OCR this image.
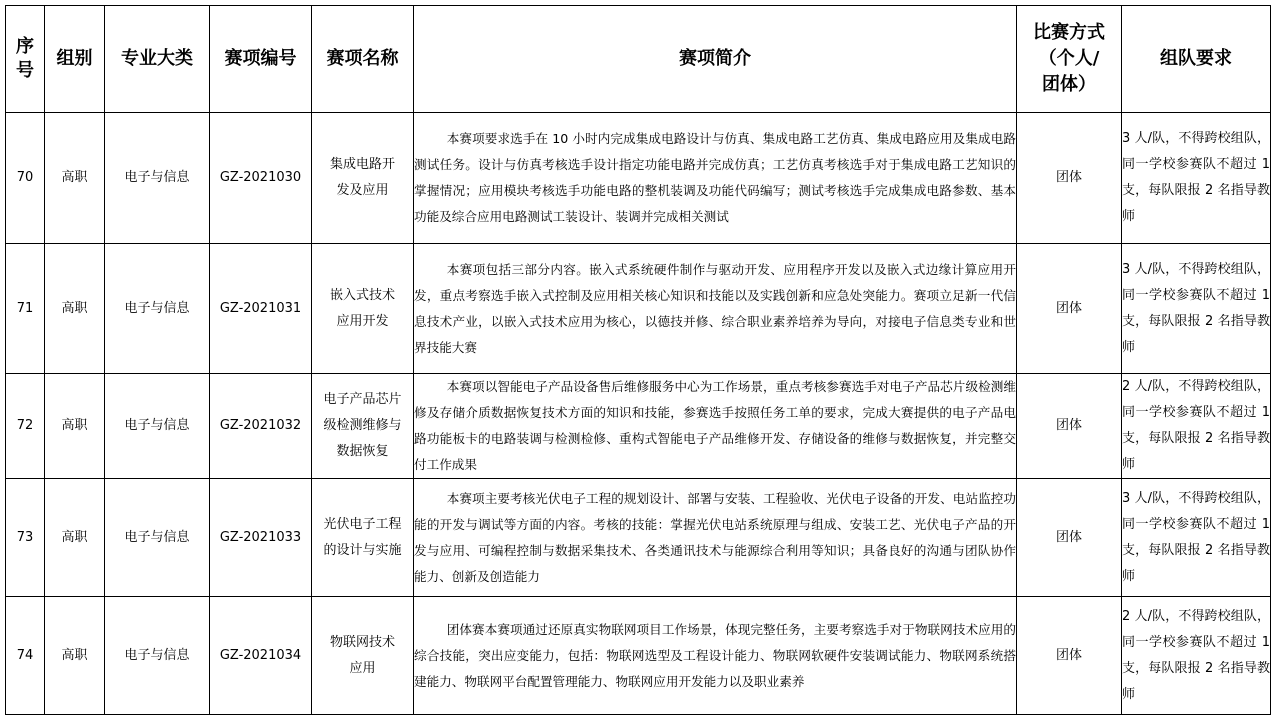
序号	组别	专业大类	赛项编号	赛项名称	赛项简介	比赛方式
（个人/
团体）	组队要求
70	高职	电子与信息	GZ-2021030	集成电路开发及应用	本赛项要求选手在 10 小时内完成集成电路设计与仿真、集成电路工艺仿真、集成电路应用及集成电路测试任务。设计与仿真考核选手设计指定功能电路并完成仿真；工艺仿真考核选手对于集成电路工艺知识的掌握情况；应用模块考核选手功能电路的整机装调及功能代码编写；测试考核选手完成集成电路参数、基本功能及综合应用电路测试工装设计、装调并完成相关测试	团体	3 人/队，不得跨校组队，同一学校参赛队不超过 1 支，每队限报 2 名指导教师
71	高职	电子与信息	GZ-2021031	嵌入式技术应用开发	本赛项包括三部分内容。嵌入式系统硬件制作与驱动开发、应用程序开发以及嵌入式边缘计算应用开发，重点考察选手嵌入式控制及应用相关核心知识和技能以及实践创新和应急处突能力。赛项立足新一代信息技术产业，以嵌入式技术应用为核心，以德技并修、综合职业素养培养为导向，对接电子信息类专业和世界技能大赛	团体	3 人/队，不得跨校组队，同一学校参赛队不超过 1 支，每队限报 2 名指导教师
72	高职	电子与信息	GZ-2021032	电子产品芯片级检测维修与数据恢复	本赛项以智能电子产品设备售后维修服务中心为工作场景，重点考核参赛选手对电子产品芯片级检测维修及存储介质数据恢复技术方面的知识和技能，参赛选手按照任务工单的要求，完成大赛提供的电子产品电路功能板卡的电路装调与检测检修、重构式智能电子产品维修开发、存储设备的维修与数据恢复，并完整交付工作成果	团体	2 人/队，不得跨校组队，同一学校参赛队不超过 1 支，每队限报 2 名指导教师
73	高职	电子与信息	GZ-2021033	光伏电子工程的设计与实施	本赛项主要考核光伏电子工程的规划设计、部署与安装、工程验收、光伏电子设备的开发、电站监控功能的开发与调试等方面的内容。考核的技能：掌握光伏电站系统原理与组成、安装工艺、光伏电子产品的开发与应用、可编程控制与数据采集技术、各类通讯技术与能源综合利用等知识；具备良好的沟通与团队协作能力、创新及创造能力	团体	3 人/队，不得跨校组队，同一学校参赛队不超过 1 支，每队限报 2 名指导教师
74	高职	电子与信息	GZ-2021034	物联网技术应用	团体赛本赛项通过还原真实物联网项目工作场景，体现完整任务，主要考察选手对于物联网技术应用的综合技能，突出应变能力，包括：物联网选型及工程设计能力、物联网软硬件安装调试能力、物联网系统搭建能力、物联网平台配置管理能力、物联网应用开发能力以及职业素养	团体	2 人/队，不得跨校组队，同一学校参赛队不超过 1 支，每队限报 2 名指导教师
